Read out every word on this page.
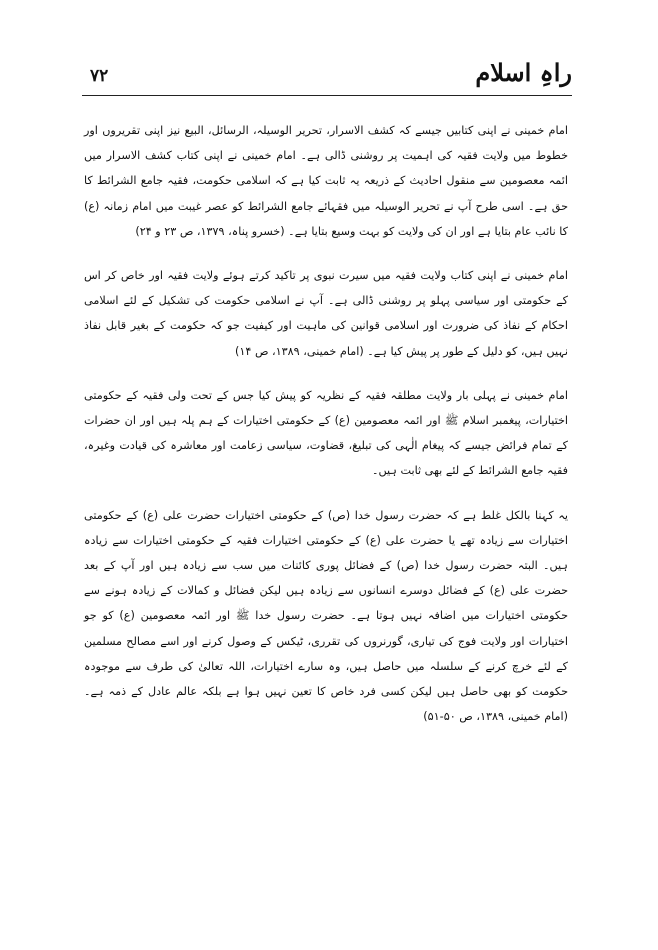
راہِ اسلام
۷۲

امام خمینی نے اپنی کتابیں جیسے کہ کشف الاسرار، تحریر الوسیلہ، الرسائل، البیع نیز اپنی تقریروں اور خطوط میں ولایت فقیہ کی اہمیت پر روشنی ڈالی ہے۔ امام خمینی نے اپنی کتاب کشف الاسرار میں ائمہ معصومین سے منقول احادیث کے ذریعہ یہ ثابت کیا ہے کہ اسلامی حکومت، فقیہ جامع الشرائط کا حق ہے۔ اسی طرح آپ نے تحریر الوسیلہ میں فقہائے جامع الشرائط کو عصر غیبت میں امام زمانہ (ع) کا نائب عام بتایا ہے اور ان کی ولایت کو بہت وسیع بتایا ہے۔ (خسرو پناہ، ۱۳۷۹، ص ۲۳ و ۲۴)

امام خمینی نے اپنی کتاب ولایت فقیہ میں سیرت نبوی پر تاکید کرتے ہوئے ولایت فقیہ اور خاص کر اس کے حکومتی اور سیاسی پہلو پر روشنی ڈالی ہے۔ آپ نے اسلامی حکومت کی تشکیل کے لئے اسلامی احکام کے نفاذ کی ضرورت اور اسلامی قوانین کی ماہیت اور کیفیت جو کہ حکومت کے بغیر قابل نفاذ نہیں ہیں، کو دلیل کے طور پر پیش کیا ہے۔ (امام خمینی، ۱۳۸۹، ص ۱۴)

امام خمینی نے پہلی بار ولایت مطلقہ فقیہ کے نظریہ کو پیش کیا جس کے تحت ولی فقیہ کے حکومتی اختیارات، پیغمبر اسلام ﷺ اور ائمہ معصومین (ع) کے حکومتی اختیارات کے ہم پلہ ہیں اور ان حضرات کے تمام فرائض جیسے کہ پیغام الٰہی کی تبلیغ، قضاوت، سیاسی زعامت اور معاشرہ کی قیادت وغیرہ، فقیہ جامع الشرائط کے لئے بھی ثابت ہیں۔

یہ کہنا بالکل غلط ہے کہ حضرت رسول خدا (ص) کے حکومتی اختیارات حضرت علی (ع) کے حکومتی اختیارات سے زیادہ تھے یا حضرت علی (ع) کے حکومتی اختیارات فقیہ کے حکومتی اختیارات سے زیادہ ہیں۔ البتہ حضرت رسول خدا (ص) کے فضائل پوری کائنات میں سب سے زیادہ ہیں اور آپ کے بعد حضرت علی (ع) کے فضائل دوسرے انسانوں سے زیادہ ہیں لیکن فضائل و کمالات کے زیادہ ہونے سے حکومتی اختیارات میں اضافہ نہیں ہوتا ہے۔ حضرت رسول خدا ﷺ اور ائمہ معصومین (ع) کو جو اختیارات اور ولایت فوج کی تیاری، گورنروں کی تقرری، ٹیکس کے وصول کرنے اور اسے مصالح مسلمین کے لئے خرچ کرنے کے سلسلہ میں حاصل ہیں، وہ سارے اختیارات، اللہ تعالیٰ کی طرف سے موجودہ حکومت کو بھی حاصل ہیں لیکن کسی فرد خاص کا تعین نہیں ہوا ہے بلکہ عالم عادل کے ذمہ ہے۔ (امام خمینی، ۱۳۸۹، ص ۵۰-۵۱)
